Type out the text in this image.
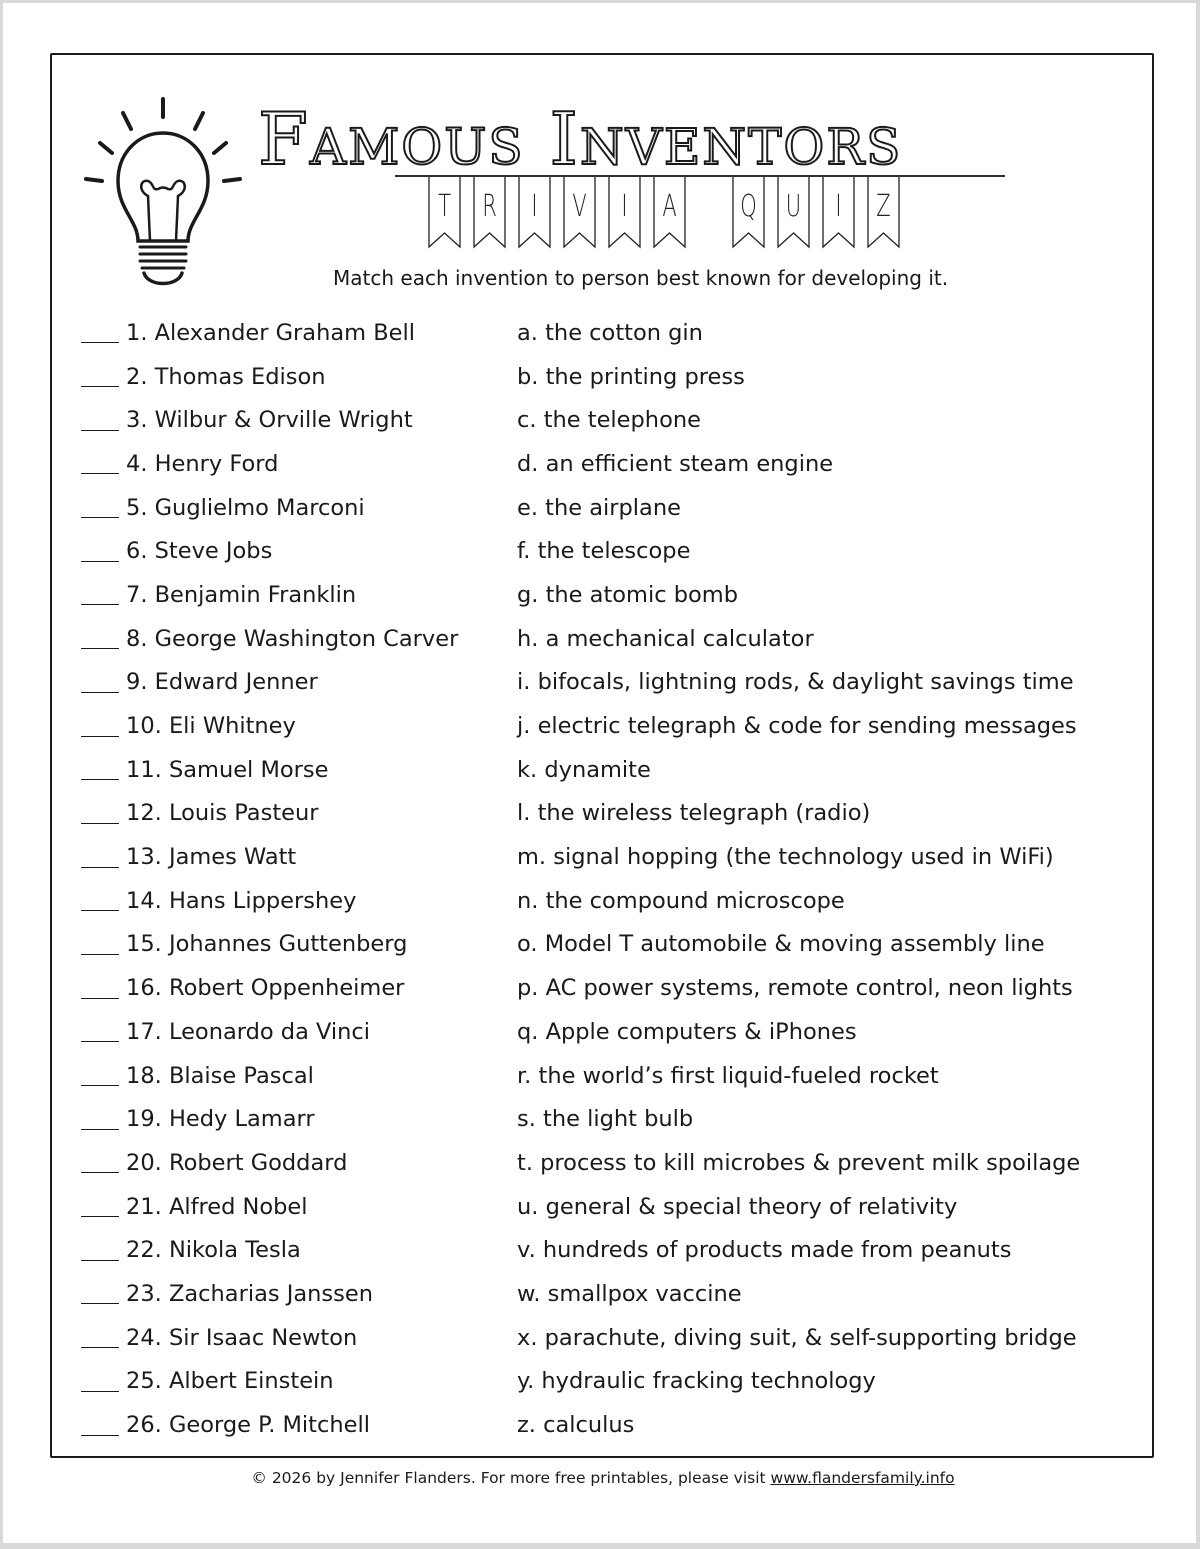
Famous Inventors
T R I V I A Q U I Z
Match each invention to person best known for developing it.
1.
Alexander Graham Bell	a. the cotton gin
2.
Thomas Edison	b. the printing press
3.
Wilbur & Orville Wright	c. the telephone
4.
Henry Ford	d. an efficient steam engine
5.
Guglielmo Marconi	e. the airplane
6.
Steve Jobs	f. the telescope
7.
Benjamin Franklin	g. the atomic bomb
8.
George Washington Carver	h. a mechanical calculator
9.
Edward Jenner	i. bifocals, lightning rods, & daylight savings time
10.
Eli Whitney	j. electric telegraph & code for sending messages
11.
Samuel Morse	k. dynamite
12.
Louis Pasteur	l. the wireless telegraph (radio)
13.
James Watt	m. signal hopping (the technology used in WiFi)
14.
Hans Lippershey	n. the compound microscope
15.
Johannes Guttenberg	o. Model T automobile & moving assembly line
16.
Robert Oppenheimer	p. AC power systems, remote control, neon lights
17.
Leonardo da Vinci	q. Apple computers & iPhones
18.
Blaise Pascal	r. the world’s first liquid-fueled rocket
19.
Hedy Lamarr	s. the light bulb
20.
Robert Goddard	t. process to kill microbes & prevent milk spoilage
21.
Alfred Nobel	u. general & special theory of relativity
22.
Nikola Tesla	v. hundreds of products made from peanuts
23.
Zacharias Janssen	w. smallpox vaccine
24.
Sir Isaac Newton	x. parachute, diving suit, & self-supporting bridge
25.
Albert Einstein	y. hydraulic fracking technology
26.
George P. Mitchell	z. calculus
© 2026 by Jennifer Flanders. For more free printables, please visit www.flandersfamily.info
